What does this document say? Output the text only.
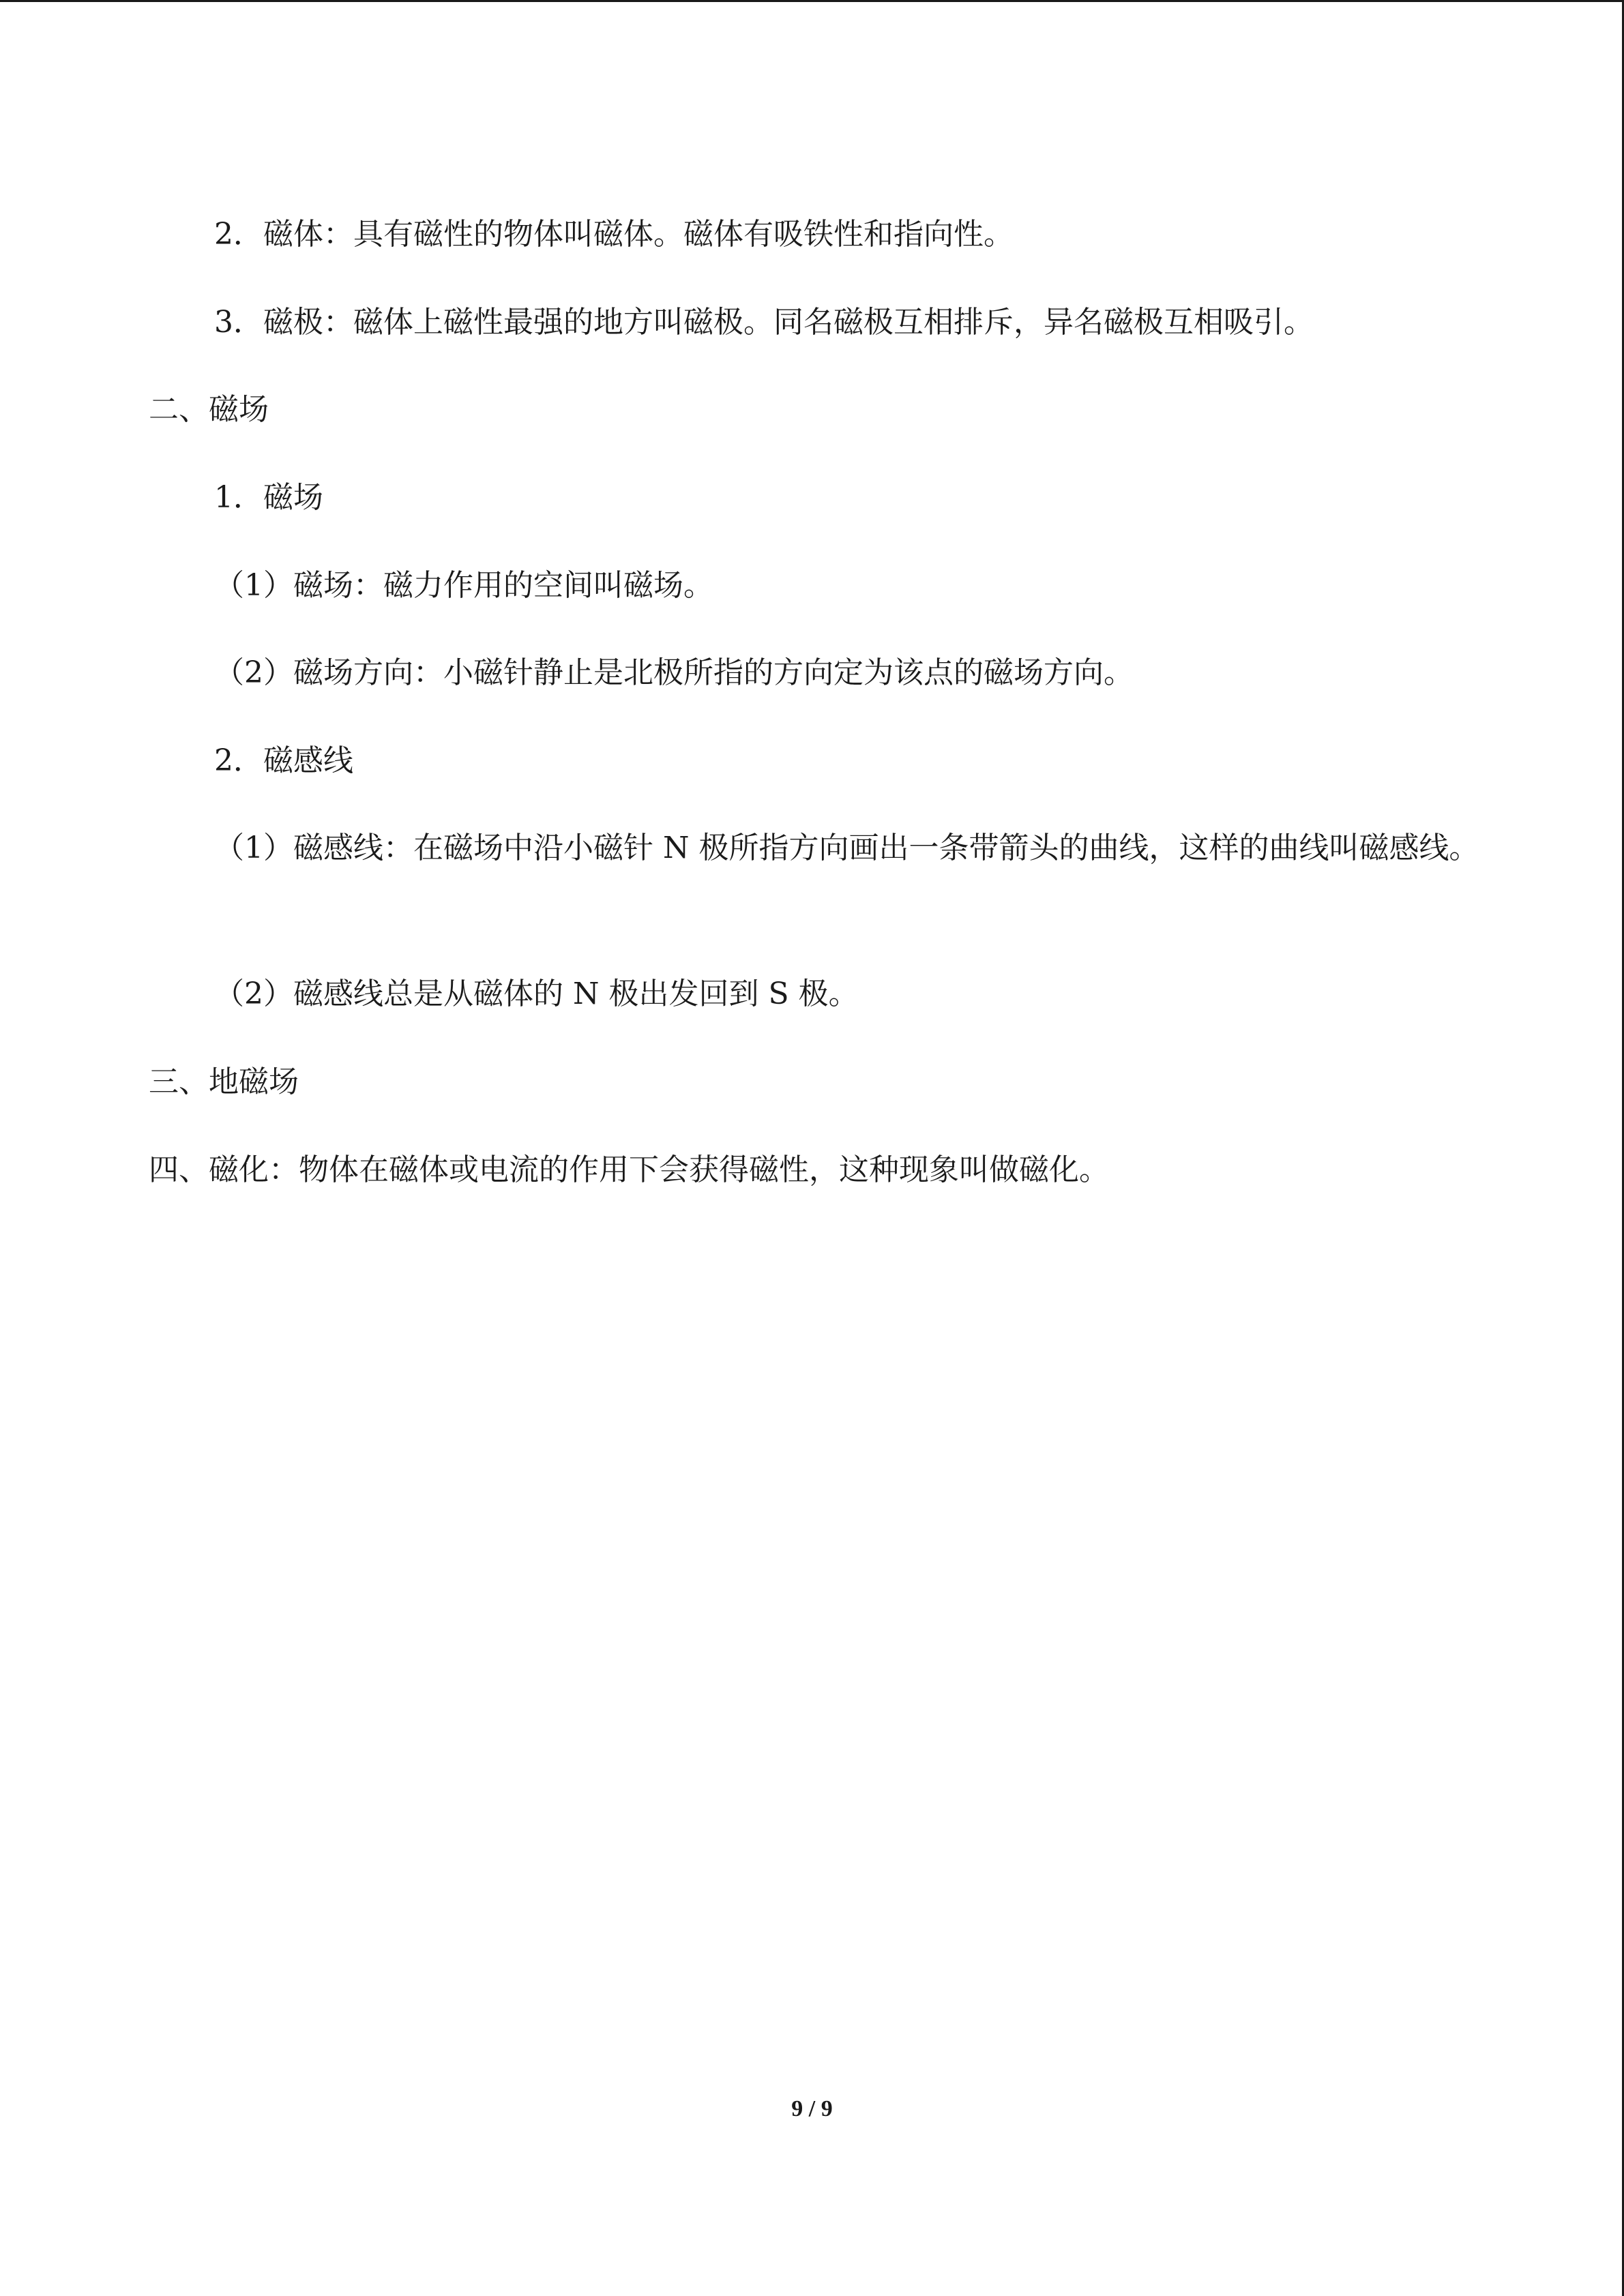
2．磁体：具有磁性的物体叫磁体。磁体有吸铁性和指向性。
3．磁极：磁体上磁性最强的地方叫磁极。同名磁极互相排斥，异名磁极互相吸引。
二、磁场
1．磁场
（1）磁场：磁力作用的空间叫磁场。
（2）磁场方向：小磁针静止是北极所指的方向定为该点的磁场方向。
2．磁感线
（1）磁感线：在磁场中沿小磁针 N 极所指方向画出一条带箭头的曲线，这样的曲线叫磁感线。
（2）磁感线总是从磁体的 N 极出发回到 S 极。
三、地磁场
四、磁化：物体在磁体或电流的作用下会获得磁性，这种现象叫做磁化。
9 / 9
